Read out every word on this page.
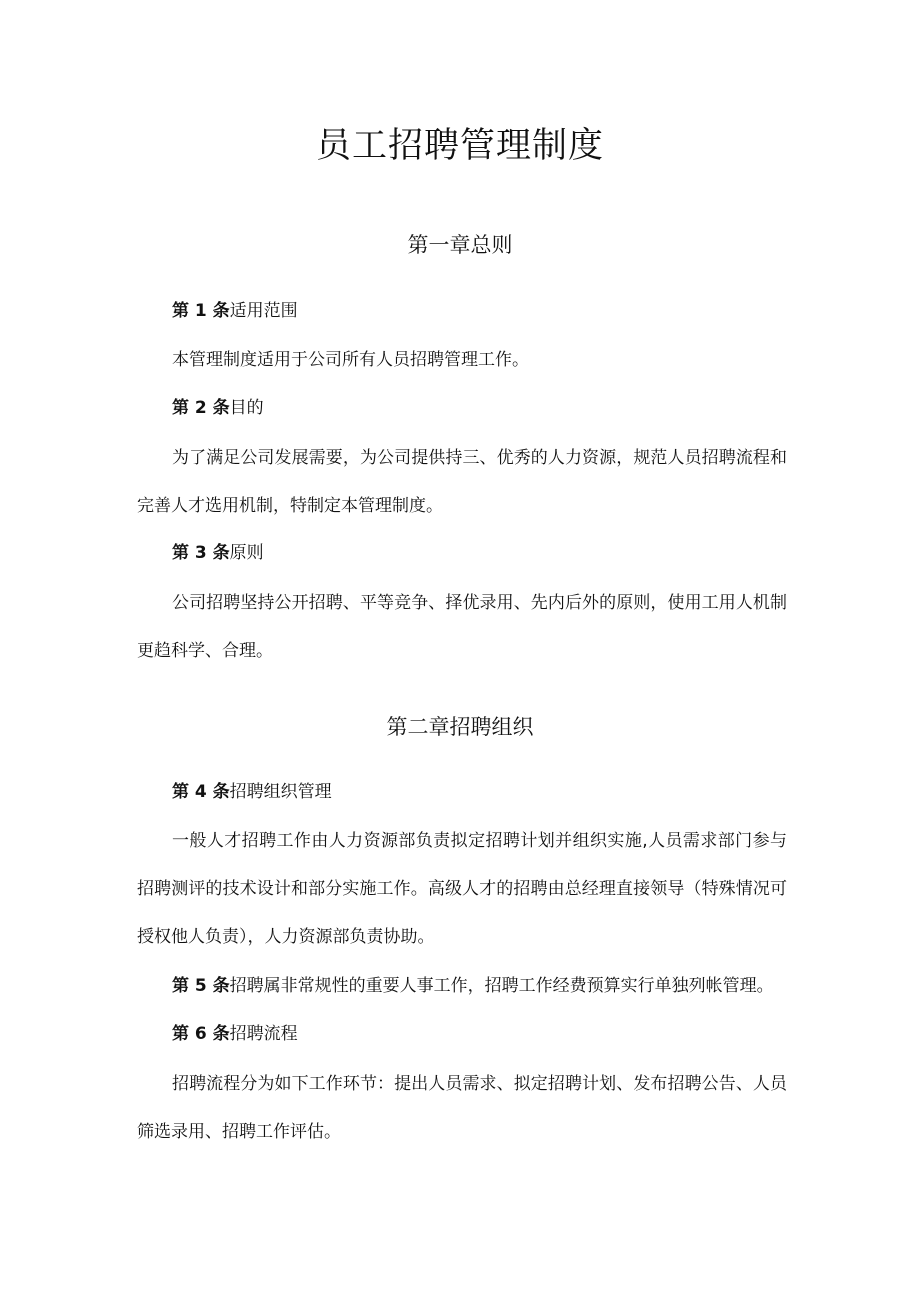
员工招聘管理制度
第一章总则

第 1 条适用范围

本管理制度适用于公司所有人员招聘管理工作。

第 2 条目的

为了满足公司发展需要，为公司提供持三、优秀的人力资源，规范人员招聘流程和完善人才选用机制，特制定本管理制度。

第 3 条原则

公司招聘坚持公开招聘、平等竞争、择优录用、先内后外的原则，使用工用人机制更趋科学、合理。

第二章招聘组织

第 4 条招聘组织管理

一般人才招聘工作由人力资源部负责拟定招聘计划并组织实施,人员需求部门参与招聘测评的技术设计和部分实施工作。高级人才的招聘由总经理直接领导（特殊情况可授权他人负责），人力资源部负责协助。

第 5 条招聘属非常规性的重要人事工作，招聘工作经费预算实行单独列帐管理。

第 6 条招聘流程

招聘流程分为如下工作环节：提出人员需求、拟定招聘计划、发布招聘公告、人员筛选录用、招聘工作评估。
